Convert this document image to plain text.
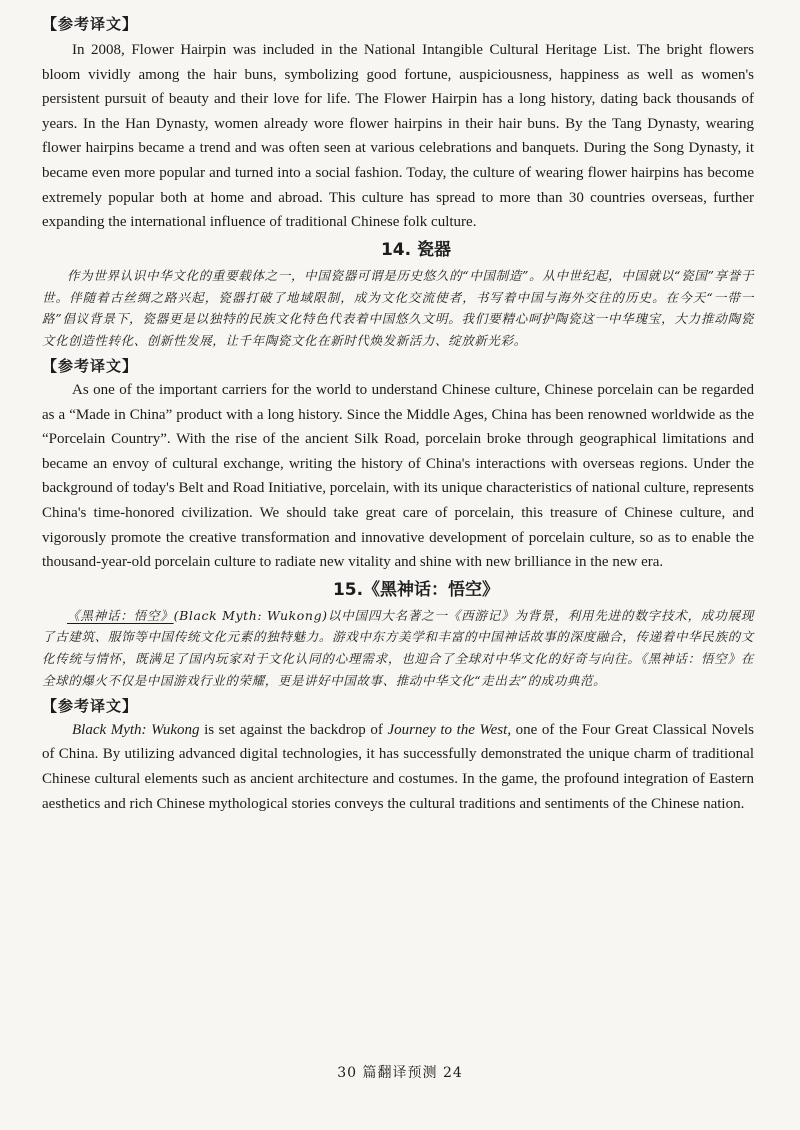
【参考译文】

In 2008, Flower Hairpin was included in the National Intangible Cultural Heritage List. The bright flowers bloom vividly among the hair buns, symbolizing good fortune, auspiciousness, happiness as well as women's persistent pursuit of beauty and their love for life. The Flower Hairpin has a long history, dating back thousands of years. In the Han Dynasty, women already wore flower hairpins in their hair buns. By the Tang Dynasty, wearing flower hairpins became a trend and was often seen at various celebrations and banquets. During the Song Dynasty, it became even more popular and turned into a social fashion. Today, the culture of wearing flower hairpins has become extremely popular both at home and abroad. This culture has spread to more than 30 countries overseas, further expanding the international influence of traditional Chinese folk culture.

14. 瓷器

作为世界认识中华文化的重要载体之一，中国瓷器可谓是历史悠久的“中国制造”。从中世纪起，中国就以“瓷国”享誉于世。伴随着古丝绸之路兴起，瓷器打破了地域限制，成为文化交流使者，书写着中国与海外交往的历史。在今天“一带一路”倡议背景下，瓷器更是以独特的民族文化特色代表着中国悠久文明。我们要精心呵护陶瓷这一中华瑰宝，大力推动陶瓷文化创造性转化、创新性发展，让千年陶瓷文化在新时代焕发新活力、绽放新光彩。

【参考译文】

As one of the important carriers for the world to understand Chinese culture, Chinese porcelain can be regarded as a “Made in China” product with a long history. Since the Middle Ages, China has been renowned worldwide as the “Porcelain Country”. With the rise of the ancient Silk Road, porcelain broke through geographical limitations and became an envoy of cultural exchange, writing the history of China's interactions with overseas regions. Under the background of today's Belt and Road Initiative, porcelain, with its unique characteristics of national culture, represents China's time-honored civilization. We should take great care of porcelain, this treasure of Chinese culture, and vigorously promote the creative transformation and innovative development of porcelain culture, so as to enable the thousand-year-old porcelain culture to radiate new vitality and shine with new brilliance in the new era.

15.《黑神话：悟空》

《黑神话：悟空》(Black Myth: Wukong)以中国四大名著之一《西游记》为背景，利用先进的数字技术，成功展现了古建筑、服饰等中国传统文化元素的独特魅力。游戏中东方美学和丰富的中国神话故事的深度融合，传递着中华民族的文化传统与情怀，既满足了国内玩家对于文化认同的心理需求，也迎合了全球对中华文化的好奇与向往。《黑神话：悟空》在全球的爆火不仅是中国游戏行业的荣耀，更是讲好中国故事、推动中华文化“走出去”的成功典范。

【参考译文】

Black Myth: Wukong is set against the backdrop of Journey to the West, one of the Four Great Classical Novels of China. By utilizing advanced digital technologies, it has successfully demonstrated the unique charm of traditional Chinese cultural elements such as ancient architecture and costumes. In the game, the profound integration of Eastern aesthetics and rich Chinese mythological stories conveys the cultural traditions and sentiments of the Chinese nation.

30 篇翻译预测 24
